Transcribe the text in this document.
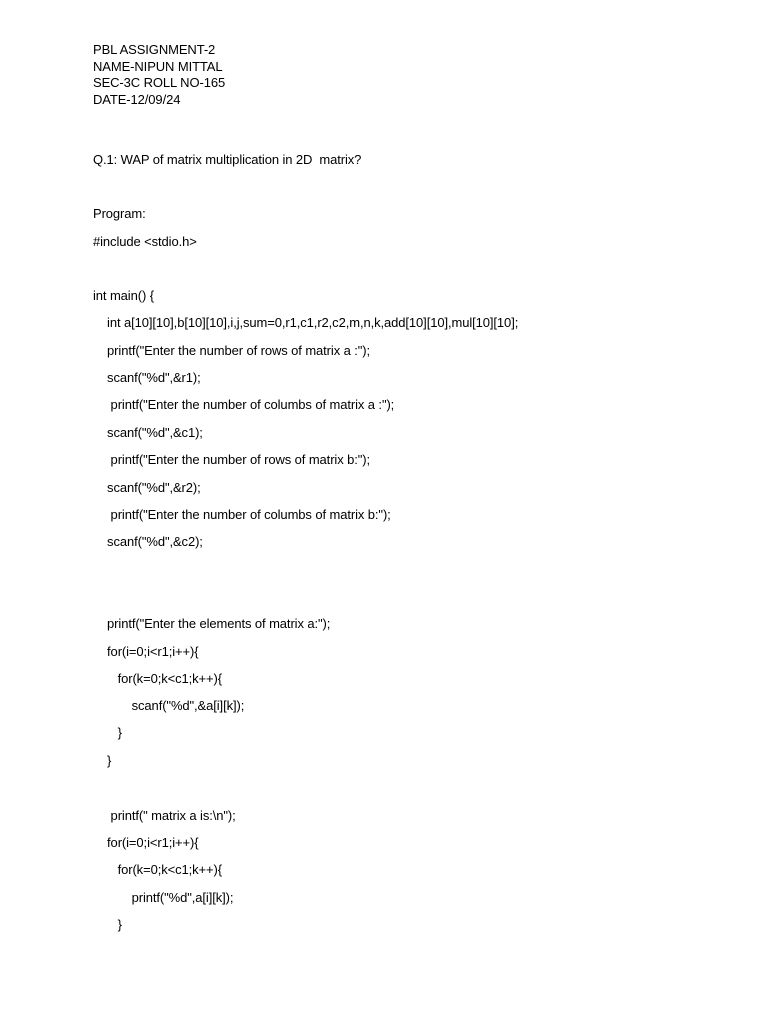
PBL ASSIGNMENT-2
NAME-NIPUN MITTAL
SEC-3C ROLL NO-165
DATE-12/09/24
Q.1: WAP of matrix multiplication in 2D  matrix?
Program:
#include <stdio.h>
int main() {
int a[10][10],b[10][10],i,j,sum=0,r1,c1,r2,c2,m,n,k,add[10][10],mul[10][10];
printf("Enter the number of rows of matrix a :");
scanf("%d",&r1);
printf("Enter the number of columbs of matrix a :");
scanf("%d",&c1);
printf("Enter the number of rows of matrix b:");
scanf("%d",&r2);
printf("Enter the number of columbs of matrix b:");
scanf("%d",&c2);
printf("Enter the elements of matrix a:");
for(i=0;i<r1;i++){
for(k=0;k<c1;k++){
scanf("%d",&a[i][k]);
}
}
printf(" matrix a is:\n");
for(i=0;i<r1;i++){
for(k=0;k<c1;k++){
printf("%d",a[i][k]);
}
